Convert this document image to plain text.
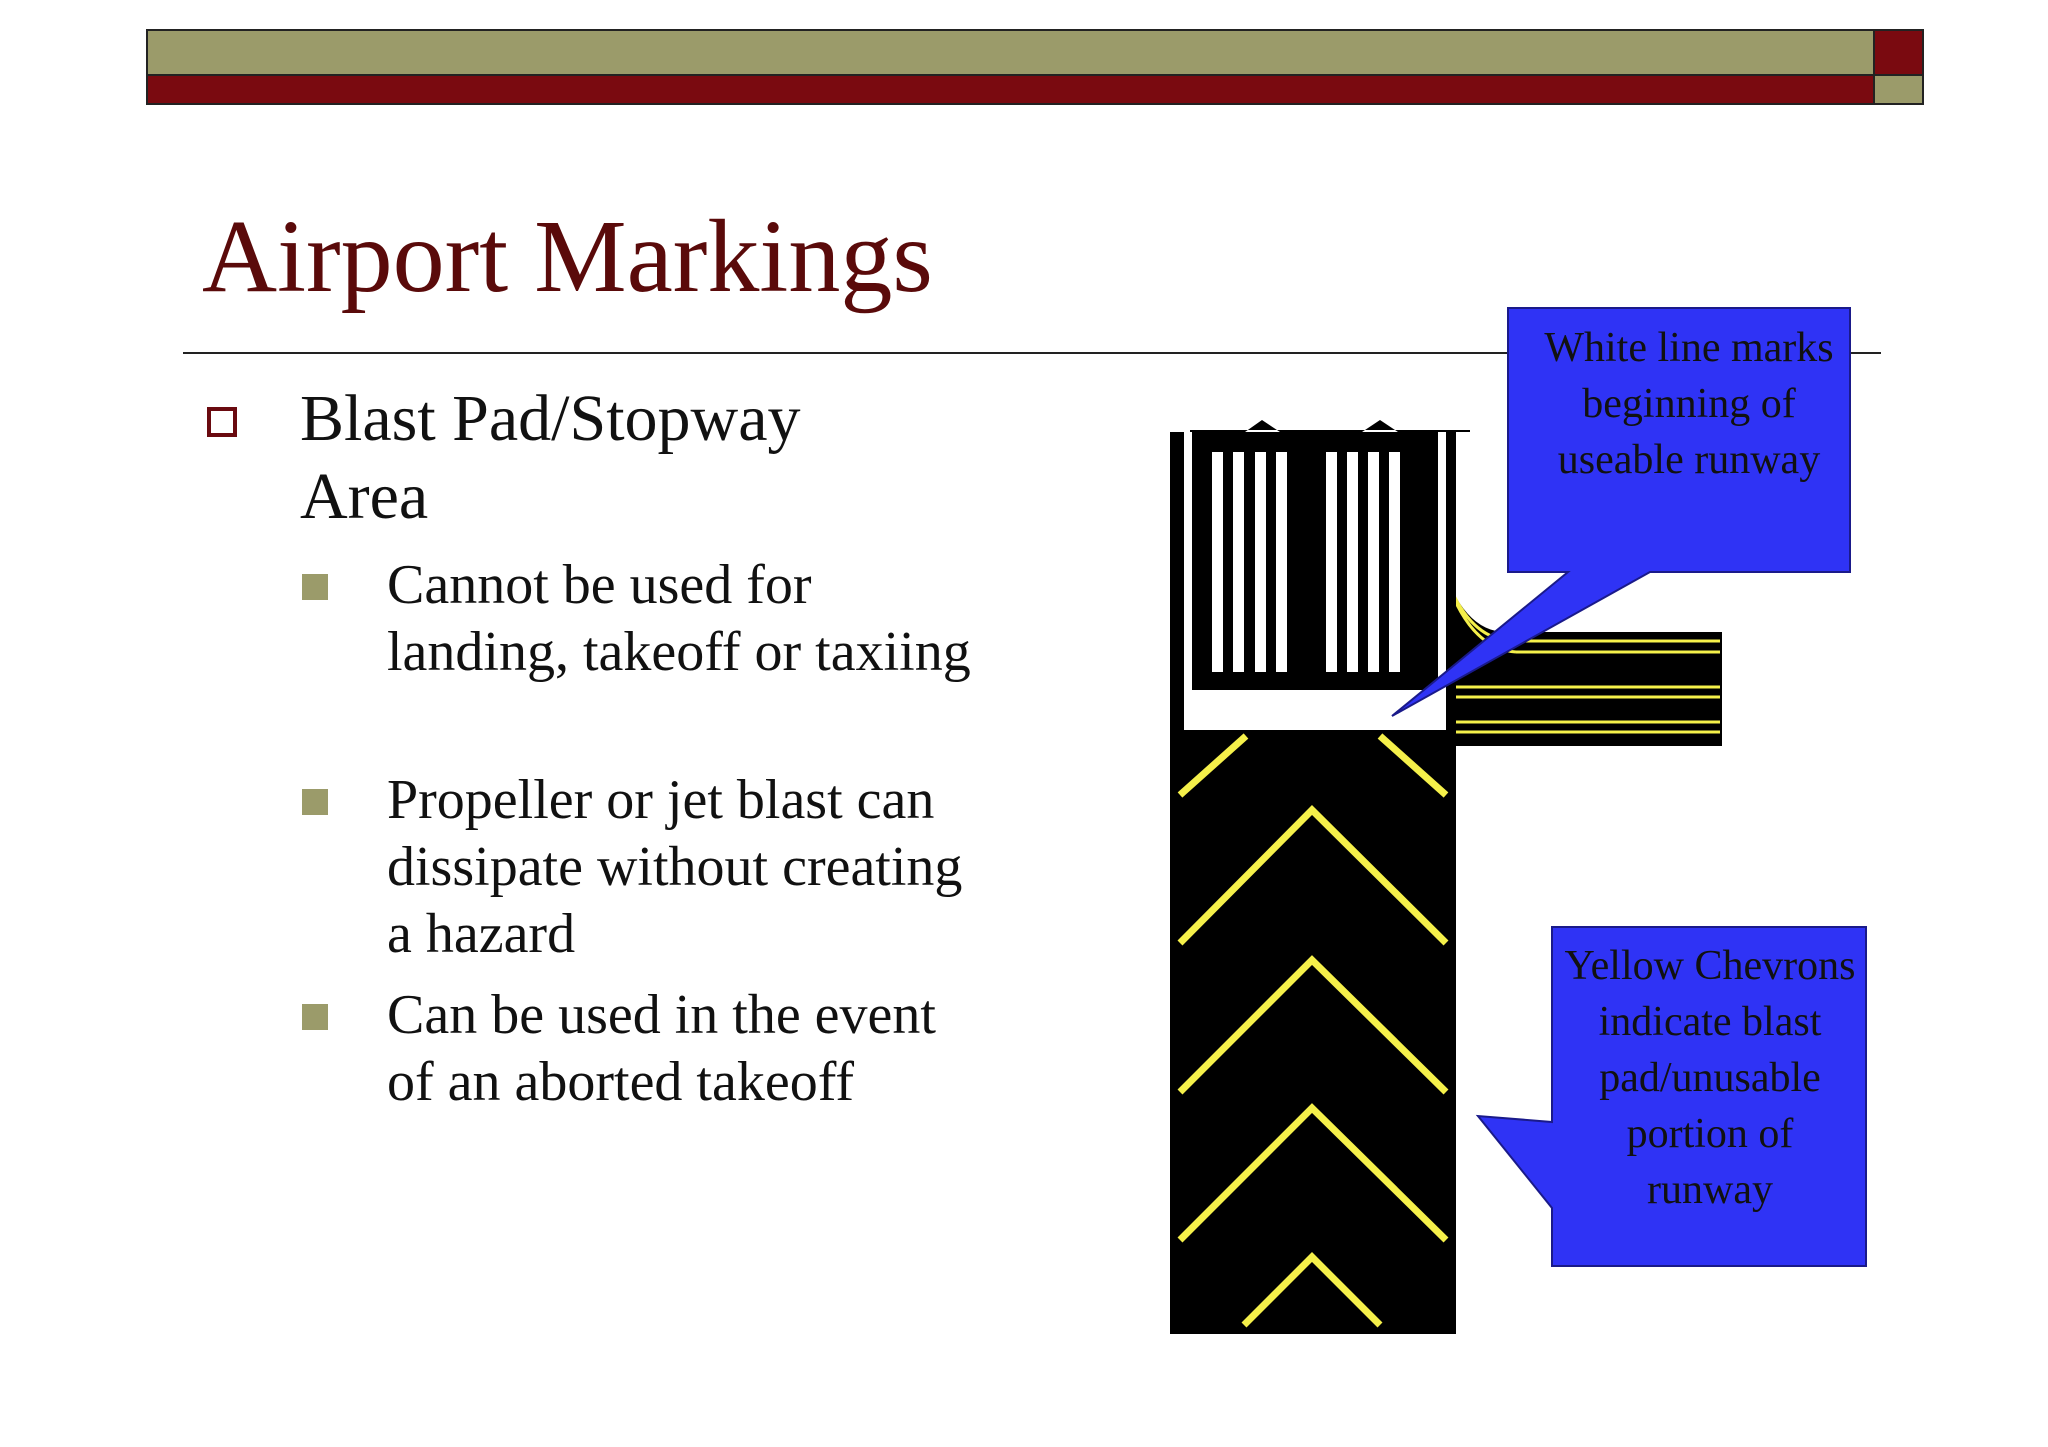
Airport Markings
Blast Pad/Stopway Area
Cannot be used for landing, takeoff or taxiing
Propeller or jet blast can dissipate without creating a hazard
Can be used in the event of an aborted takeoff
White line marks beginning of useable runway
Yellow Chevrons indicate blast pad/unusable portion of runway
